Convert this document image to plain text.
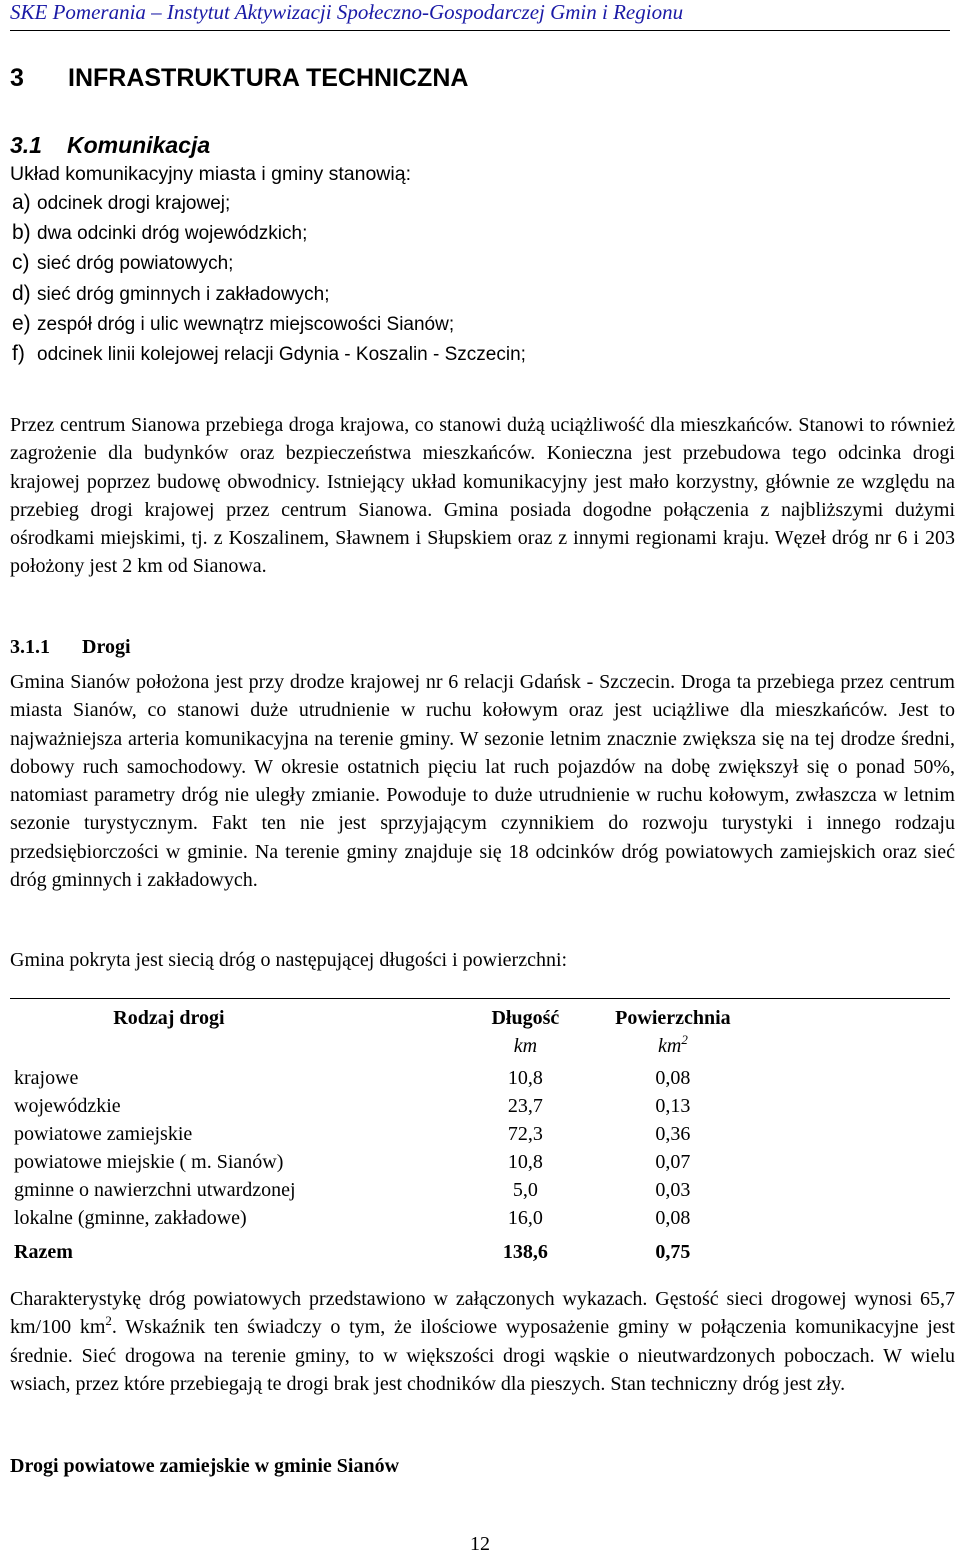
SKE Pomerania – Instytut Aktywizacji Społeczno-Gospodarczej Gmin i Regionu
3 INFRASTRUKTURA TECHNICZNA
3.1 Komunikacja
Układ komunikacyjny miasta i gminy stanowią:
a) odcinek drogi krajowej;
b) dwa odcinki dróg wojewódzkich;
c) sieć dróg powiatowych;
d) sieć dróg gminnych i zakładowych;
e) zespół dróg i ulic wewnątrz miejscowości Sianów;
f) odcinek linii kolejowej relacji Gdynia - Koszalin - Szczecin;

Przez centrum Sianowa przebiega droga krajowa, co stanowi dużą uciążliwość dla mieszkańców. Stanowi to również zagrożenie dla budynków oraz bezpieczeństwa mieszkańców. Konieczna jest przebudowa tego odcinka drogi krajowej poprzez budowę obwodnicy. Istniejący układ komunikacyjny jest mało korzystny, głównie ze względu na przebieg drogi krajowej przez centrum Sianowa. Gmina posiada dogodne połączenia z najbliższymi dużymi ośrodkami miejskimi, tj. z Koszalinem, Sławnem i Słupskiem oraz z innymi regionami kraju. Węzeł dróg nr 6 i 203 położony jest 2 km od Sianowa.

3.1.1 Drogi

Gmina Sianów położona jest przy drodze krajowej nr 6 relacji Gdańsk - Szczecin. Droga ta przebiega przez centrum miasta Sianów, co stanowi duże utrudnienie w ruchu kołowym oraz jest uciążliwe dla mieszkańców. Jest to najważniejsza arteria komunikacyjna na terenie gminy. W sezonie letnim znacznie zwiększa się na tej drodze średni, dobowy ruch samochodowy. W okresie ostatnich pięciu lat ruch pojazdów na dobę zwiększył się o ponad 50%, natomiast parametry dróg nie uległy zmianie. Powoduje to duże utrudnienie w ruchu kołowym, zwłaszcza w letnim sezonie turystycznym. Fakt ten nie jest sprzyjającym czynnikiem do rozwoju turystyki i innego rodzaju przedsiębiorczości w gminie. Na terenie gminy znajduje się 18 odcinków dróg powiatowych zamiejskich oraz sieć dróg gminnych i zakładowych.

Gmina pokryta jest siecią dróg o następującej długości i powierzchni:

Rodzaj drogi	Długość	Powierzchnia
	km	$km^2$
krajowe	10,8	0,08
wojewódzkie	23,7	0,13
powiatowe zamiejskie	72,3	0,36
powiatowe miejskie ( m. Sianów)	10,8	0,07
gminne o nawierzchni utwardzonej	5,0	0,03
lokalne (gminne, zakładowe)	16,0	0,08
Razem	138,6	0,75

Charakterystykę dróg powiatowych przedstawiono w załączonych wykazach. Gęstość sieci drogowej wynosi 65,7 km/100 $km^2$. Wskaźnik ten świadczy o tym, że ilościowe wyposażenie gminy w połączenia komunikacyjne jest średnie. Sieć drogowa na terenie gminy, to w większości drogi wąskie o nieutwardzonych poboczach. W wielu wsiach, przez które przebiegają te drogi brak jest chodników dla pieszych. Stan techniczny dróg jest zły.

Drogi powiatowe zamiejskie w gminie Sianów
12
